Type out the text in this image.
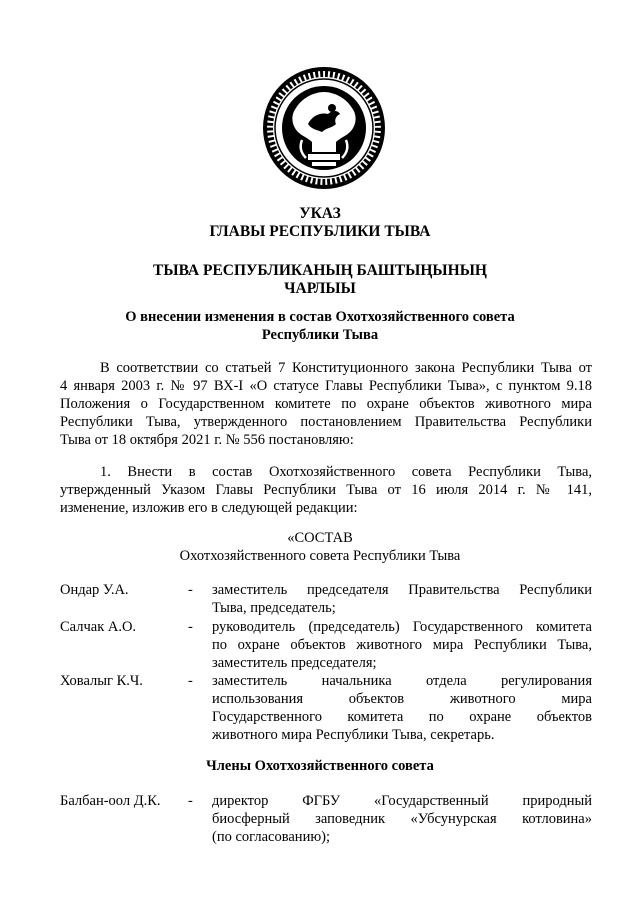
УКАЗ
ГЛАВЫ РЕСПУБЛИКИ ТЫВА
ТЫВА РЕСПУБЛИКАНЫҢ БАШТЫҢЫНЫҢ
ЧАРЛЫЫ
О внесении изменения в состав Охотхозяйственного совета
Республики Тыва
В соответствии со статьей 7 Конституционного закона Республики Тыва от
4 января 2003 г. № 97 ВХ-I «О статусе Главы Республики Тыва», с пунктом 9.18
Положения о Государственном комитете по охране объектов животного мира
Республики Тыва, утвержденного постановлением Правительства Республики
Тыва от 18 октября 2021 г. № 556 постановляю:
1. Внести в состав Охотхозяйственного совета Республики Тыва,
утвержденный Указом Главы Республики Тыва от 16 июля 2014 г. № 141,
изменение, изложив его в следующей редакции:
«СОСТАВ
Охотхозяйственного совета Республики Тыва
Ондар У.А.	- заместитель председателя Правительства Республики
Тыва, председатель;
Салчак А.О.	- руководитель (председатель) Государственного комитета
по охране объектов животного мира Республики Тыва,
заместитель председателя;
Ховалыг К.Ч.	- заместитель начальника отдела регулирования
использования объектов животного мира
Государственного комитета по охране объектов
животного мира Республики Тыва, секретарь.
Члены Охотхозяйственного совета
Балбан-оол Д.К. - директор ФГБУ «Государственный природный
биосферный заповедник «Убсунурская котловина»
(по согласованию);
